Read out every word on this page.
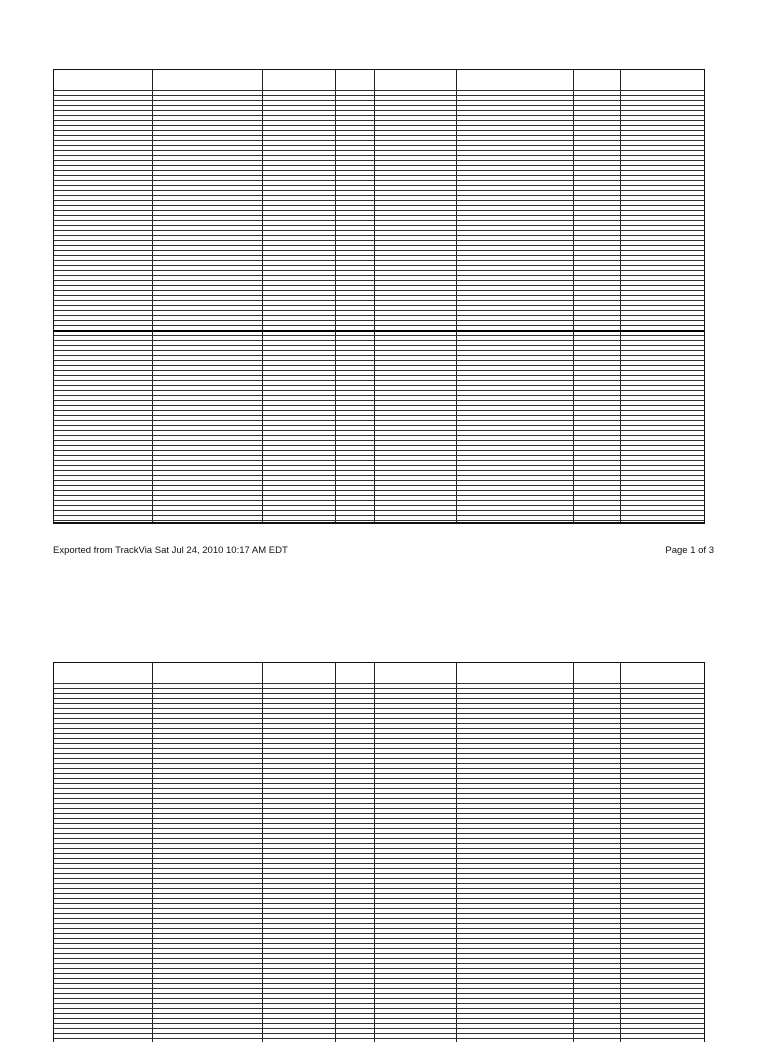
Exported from TrackVia Sat Jul 24, 2010 10:17 AM EDT	Page 1 of 3
